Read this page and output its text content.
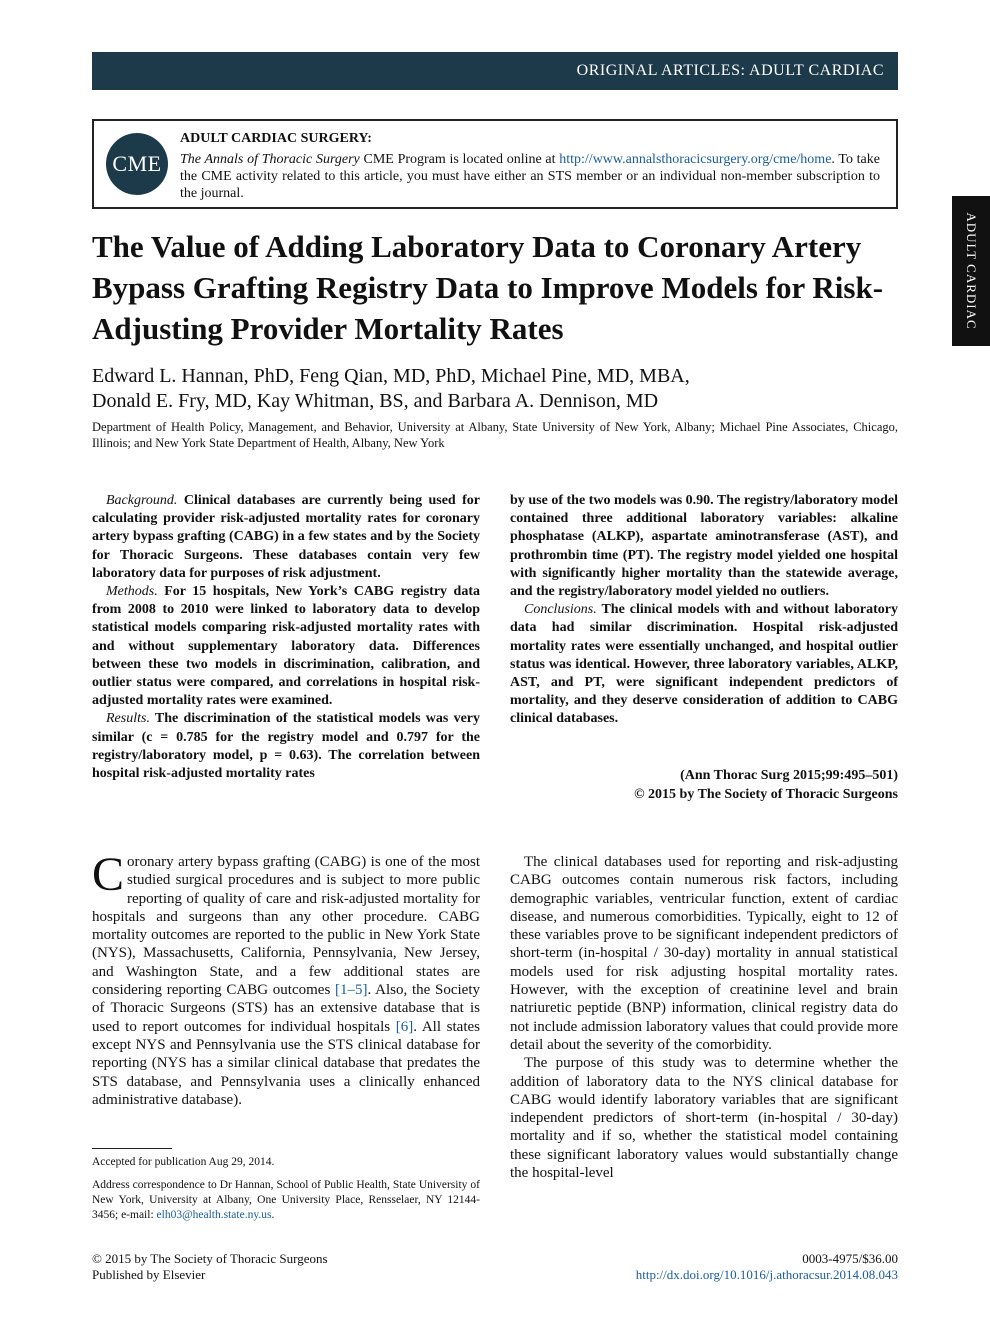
ORIGINAL ARTICLES: ADULT CARDIAC
ADULT CARDIAC
CME
ADULT CARDIAC SURGERY:
The Annals of Thoracic Surgery CME Program is located online at http://www.annalsthoracicsurgery.org/cme/home. To take the CME activity related to this article, you must have either an STS member or an individual non-member subscription to the journal.
The Value of Adding Laboratory Data to Coronary Artery Bypass Grafting Registry Data to Improve Models for Risk-Adjusting Provider Mortality Rates
Edward L. Hannan, PhD, Feng Qian, MD, PhD, Michael Pine, MD, MBA,
Donald E. Fry, MD, Kay Whitman, BS, and Barbara A. Dennison, MD
Department of Health Policy, Management, and Behavior, University at Albany, State University of New York, Albany; Michael Pine Associates, Chicago, Illinois; and New York State Department of Health, Albany, New York

Background. Clinical databases are currently being used for calculating provider risk-adjusted mortality rates for coronary artery bypass grafting (CABG) in a few states and by the Society for Thoracic Surgeons. These databases contain very few laboratory data for purposes of risk adjustment.

Methods. For 15 hospitals, New York’s CABG registry data from 2008 to 2010 were linked to laboratory data to develop statistical models comparing risk-adjusted mortality rates with and without supplementary laboratory data. Differences between these two models in discrimination, calibration, and outlier status were compared, and correlations in hospital risk-adjusted mortality rates were examined.

Results. The discrimination of the statistical models was very similar (c = 0.785 for the registry model and 0.797 for the registry/laboratory model, p = 0.63). The correlation between hospital risk-adjusted mortality rates

by use of the two models was 0.90. The registry/laboratory model contained three additional laboratory variables: alkaline phosphatase (ALKP), aspartate aminotransferase (AST), and prothrombin time (PT). The registry model yielded one hospital with significantly higher mortality than the statewide average, and the registry/laboratory model yielded no outliers.

Conclusions. The clinical models with and without laboratory data had similar discrimination. Hospital risk-adjusted mortality rates were essentially unchanged, and hospital outlier status was identical. However, three laboratory variables, ALKP, AST, and PT, were significant independent predictors of mortality, and they deserve consideration of addition to CABG clinical databases.

(Ann Thorac Surg 2015;99:495–501)
© 2015 by The Society of Thoracic Surgeons

Coronary artery bypass grafting (CABG) is one of the most studied surgical procedures and is subject to more public reporting of quality of care and risk-adjusted mortality for hospitals and surgeons than any other procedure. CABG mortality outcomes are reported to the public in New York State (NYS), Massachusetts, California, Pennsylvania, New Jersey, and Washington State, and a few additional states are considering reporting CABG outcomes [1–5]. Also, the Society of Thoracic Surgeons (STS) has an extensive database that is used to report outcomes for individual hospitals [6]. All states except NYS and Pennsylvania use the STS clinical database for reporting (NYS has a similar clinical database that predates the STS database, and Pennsylvania uses a clinically enhanced administrative database).

The clinical databases used for reporting and risk-adjusting CABG outcomes contain numerous risk factors, including demographic variables, ventricular function, extent of cardiac disease, and numerous comorbidities. Typically, eight to 12 of these variables prove to be significant independent predictors of short-term (in-hospital / 30-day) mortality in annual statistical models used for risk adjusting hospital mortality rates. However, with the exception of creatinine level and brain natriuretic peptide (BNP) information, clinical registry data do not include admission laboratory values that could provide more detail about the severity of the comorbidity.

The purpose of this study was to determine whether the addition of laboratory data to the NYS clinical database for CABG would identify laboratory variables that are significant independent predictors of short-term (in-hospital / 30-day) mortality and if so, whether the statistical model containing these significant laboratory values would substantially change the hospital-level

Accepted for publication Aug 29, 2014.

Address correspondence to Dr Hannan, School of Public Health, State University of New York, University at Albany, One University Place, Rensselaer, NY 12144-3456; e-mail: elh03@health.state.ny.us.

© 2015 by The Society of Thoracic Surgeons
Published by Elsevier
0003-4975/$36.00
http://dx.doi.org/10.1016/j.athoracsur.2014.08.043
